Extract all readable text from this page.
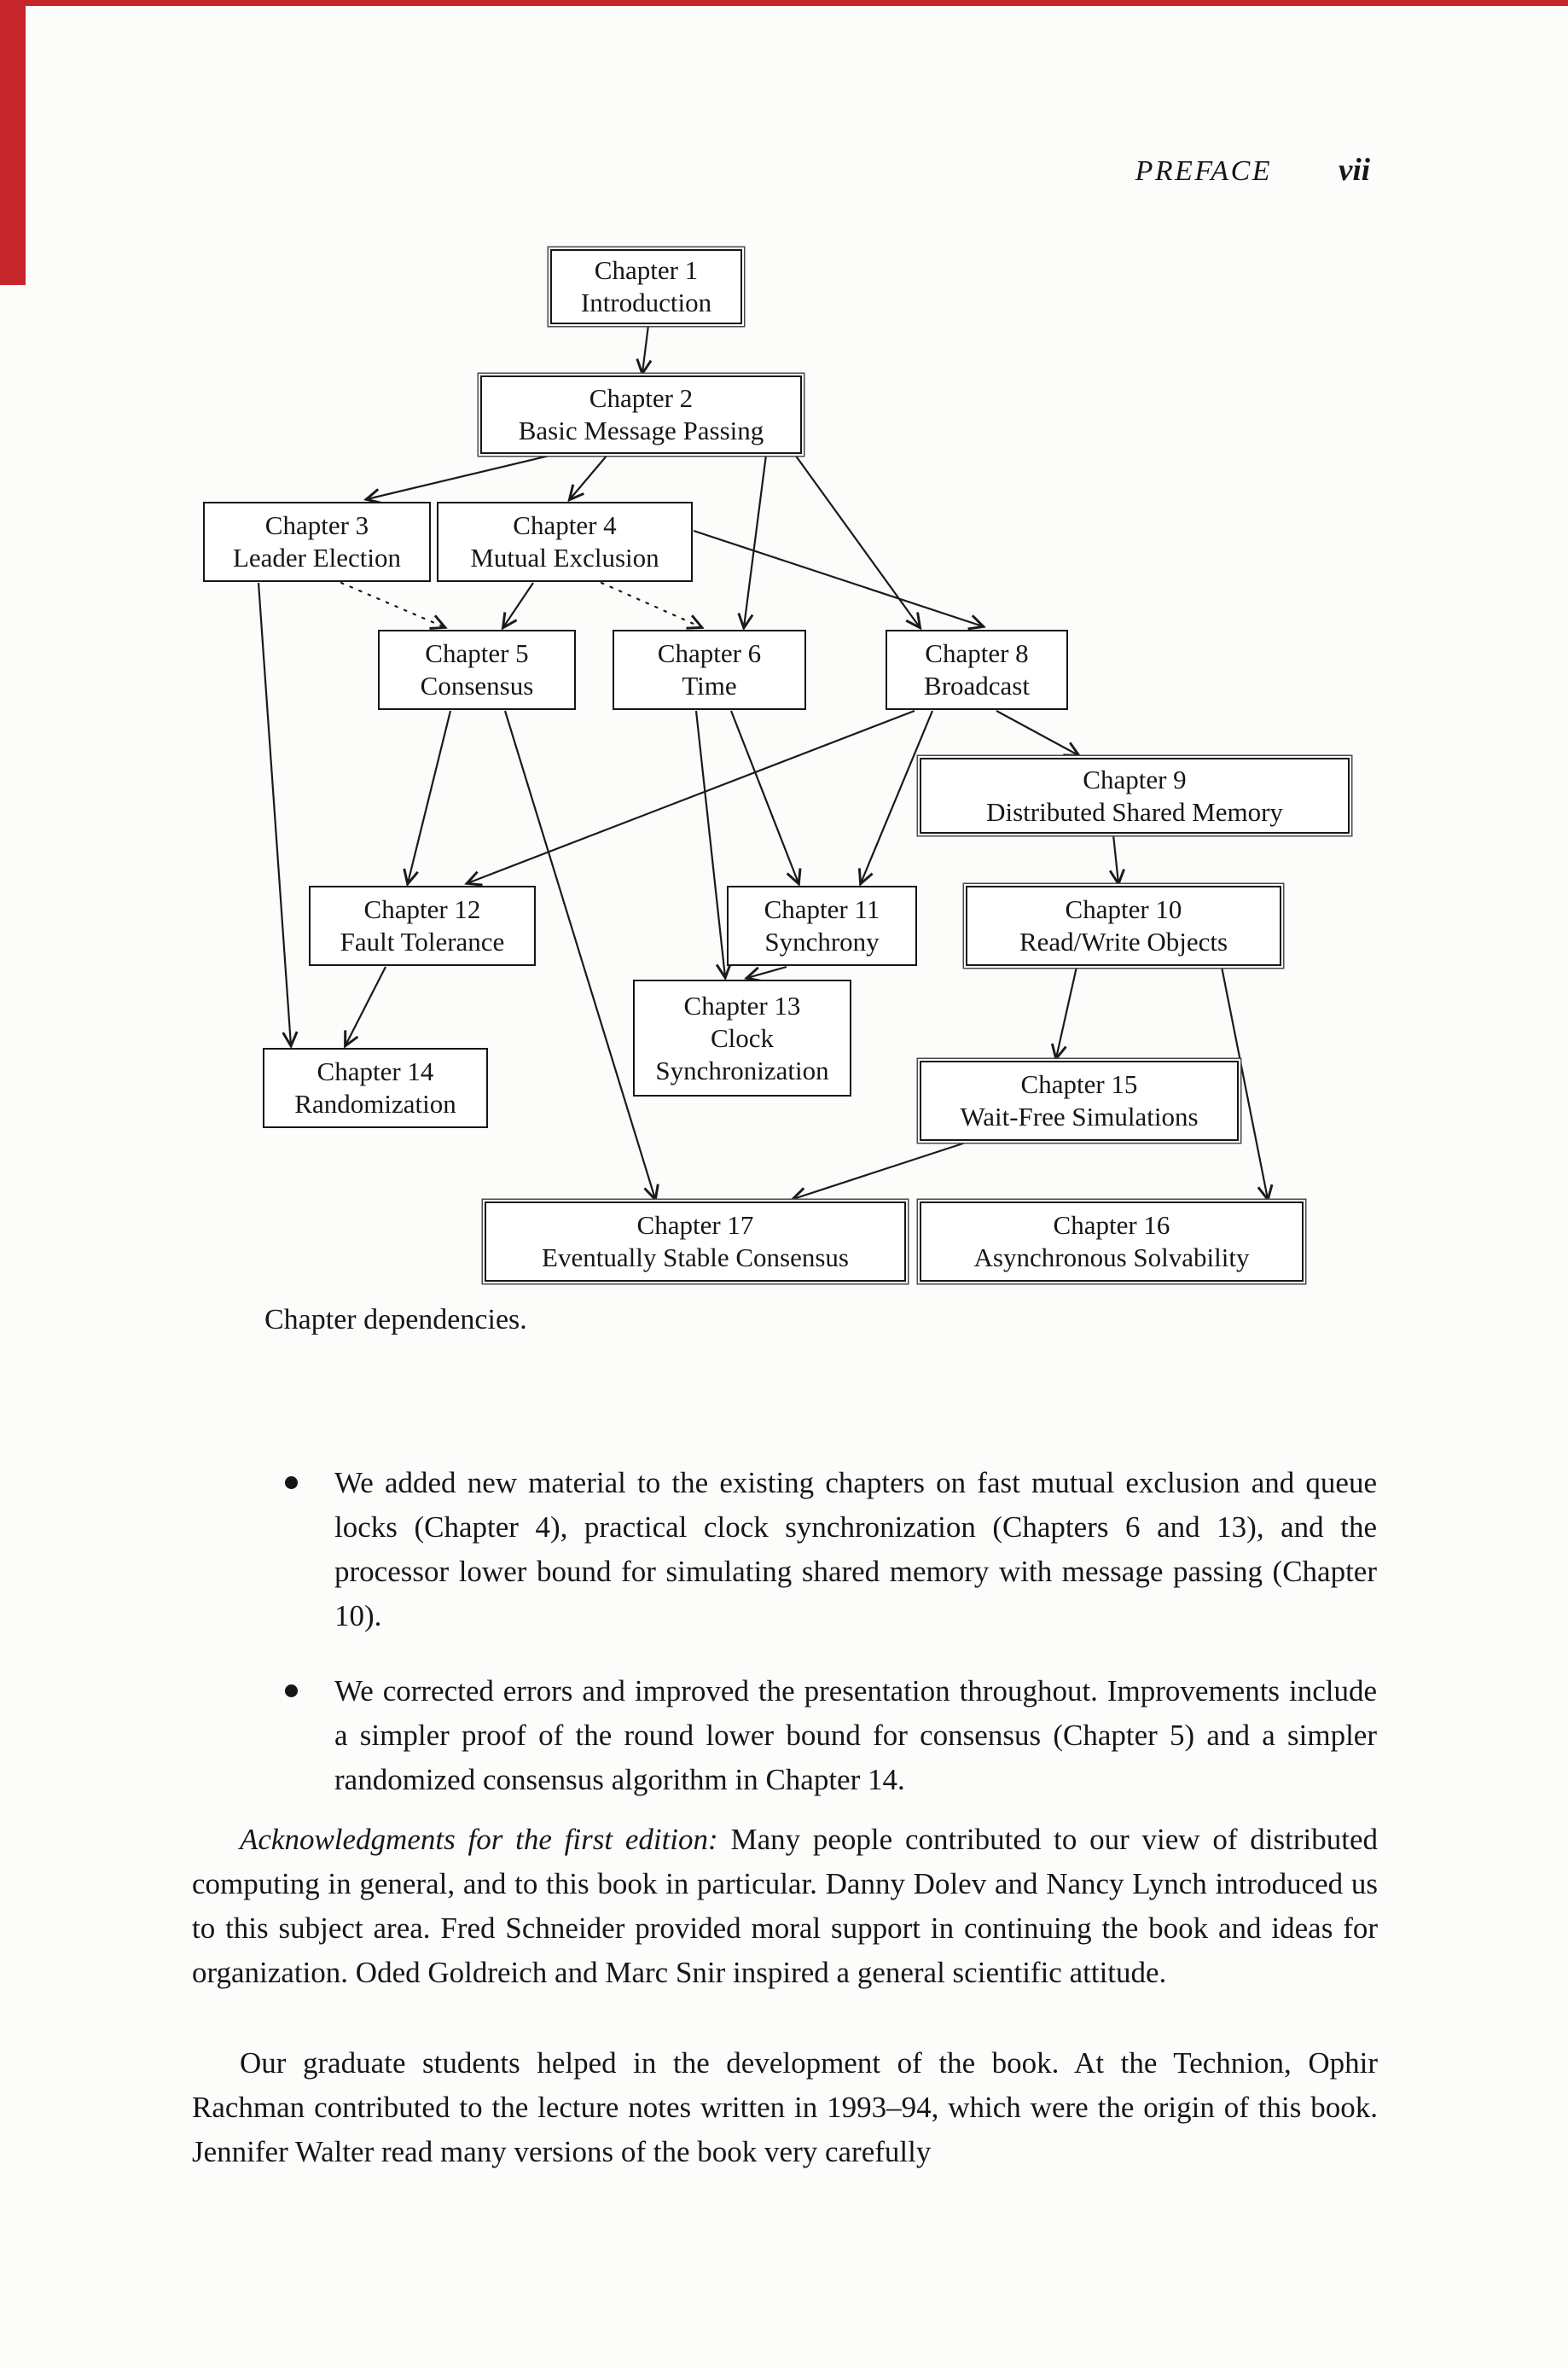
PREFACE vii
Chapter 1
Introduction
Chapter 2
Basic Message Passing
Chapter 3
Leader Election
Chapter 4
Mutual Exclusion
Chapter 5
Consensus
Chapter 6
Time
Chapter 8
Broadcast
Chapter 9
Distributed Shared Memory
Chapter 12
Fault Tolerance
Chapter 11
Synchrony
Chapter 10
Read/Write Objects
Chapter 13
Clock
Synchronization
Chapter 14
Randomization
Chapter 15
Wait-Free Simulations
Chapter 17
Eventually Stable Consensus
Chapter 16
Asynchronous Solvability
Chapter dependencies.
We added new material to the existing chapters on fast mutual exclusion and queue locks (Chapter 4), practical clock synchronization (Chapters 6 and 13), and the processor lower bound for simulating shared memory with message passing (Chapter 10).
We corrected errors and improved the presentation throughout. Improvements include a simpler proof of the round lower bound for consensus (Chapter 5) and a simpler randomized consensus algorithm in Chapter 14.
Acknowledgments for the first edition: Many people contributed to our view of distributed computing in general, and to this book in particular. Danny Dolev and Nancy Lynch introduced us to this subject area. Fred Schneider provided moral support in continuing the book and ideas for organization. Oded Goldreich and Marc Snir inspired a general scientific attitude.
Our graduate students helped in the development of the book. At the Technion, Ophir Rachman contributed to the lecture notes written in 1993–94, which were the origin of this book. Jennifer Walter read many versions of the book very carefully
